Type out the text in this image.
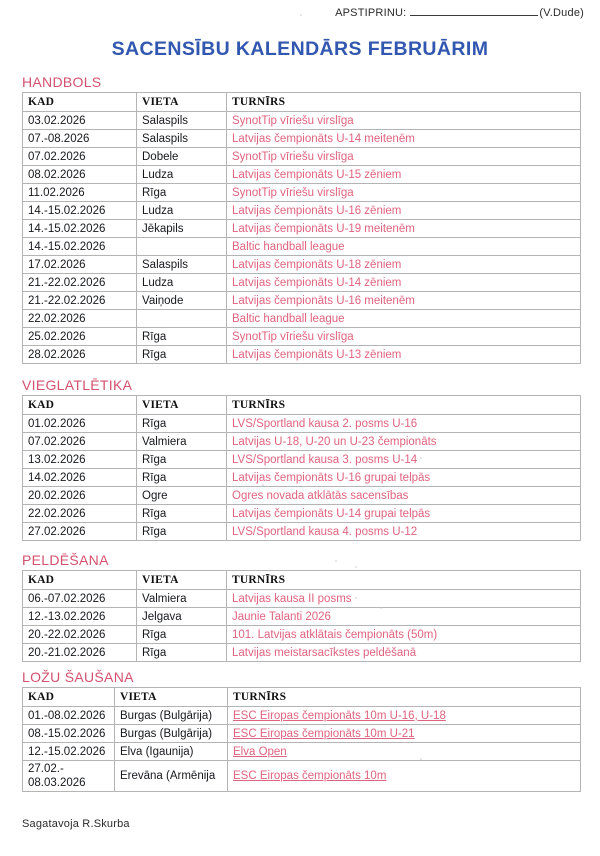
APSTIPRINU:	(V.Dude)
SACENSĪBU KALENDĀRS FEBRUĀRIM
HANDBOLS
KAD	VIETA	TURNĪRS
03.02.2026	Salaspils	SynotTip vīriešu virslīga
07.-08.2026	Salaspils	Latvijas čempionāts U-14 meitenēm
07.02.2026	Dobele	SynotTip vīriešu virslīga
08.02.2026	Ludza	Latvijas čempionāts U-15 zēniem
11.02.2026	Rīga	SynotTip vīriešu virslīga
14.-15.02.2026	Ludza	Latvijas čempionāts U-16 zēniem
14.-15.02.2026	Jēkapils	Latvijas čempionāts U-19 meitenēm
14.-15.02.2026		Baltic handball league
17.02.2026	Salaspils	Latvijas čempionāts U-18 zēniem
21.-22.02.2026	Ludza	Latvijas čempionāts U-14 zēniem
21.-22.02.2026	Vaiņode	Latvijas čempionāts U-16 meitenēm
22.02.2026		Baltic handball league
25.02.2026	Rīga	SynotTip vīriešu virslīga
28.02.2026	Rīga	Latvijas čempionāts U-13 zēniem
VIEGLATLĒTIKA
KAD	VIETA	TURNĪRS
01.02.2026	Rīga	LVS/Sportland kausa 2. posms U-16
07.02.2026	Valmiera	Latvijas U-18, U-20 un U-23 čempionāts
13.02.2026	Rīga	LVS/Sportland kausa 3. posms U-14
14.02.2026	Rīga	Latvijas čempionāts U-16 grupai telpās
20.02.2026	Ogre	Ogres novada atklātās sacensības
22.02.2026	Rīga	Latvijas čempionāts U-14 grupai telpās
27.02.2026	Rīga	LVS/Sportland kausa 4. posms U-12
PELDĒŠANA
KAD	VIETA	TURNĪRS
06.-07.02.2026	Valmiera	Latvijas kausa II posms
12.-13.02.2026	Jelgava	Jaunie Talanti 2026
20.-22.02.2026	Rīga	101. Latvijas atklātais čempionāts (50m)
20.-21.02.2026	Rīga	Latvijas meistarsacīkstes peldēšanā
LOŽU ŠAUŠANA
KAD	VIETA	TURNĪRS
01.-08.02.2026	Burgas (Bulgārija)	ESC Eiropas čempionāts 10m U-16, U-18
08.-15.02.2026	Burgas (Bulgārija)	ESC Eiropas čempionāts 10m U-21
12.-15.02.2026	Elva (Igaunija)	Elva Open
27.02.-
08.03.2026	Erevāna (Armēnija	ESC Eiropas čempionāts 10m
Sagatavoja R.Skurba
